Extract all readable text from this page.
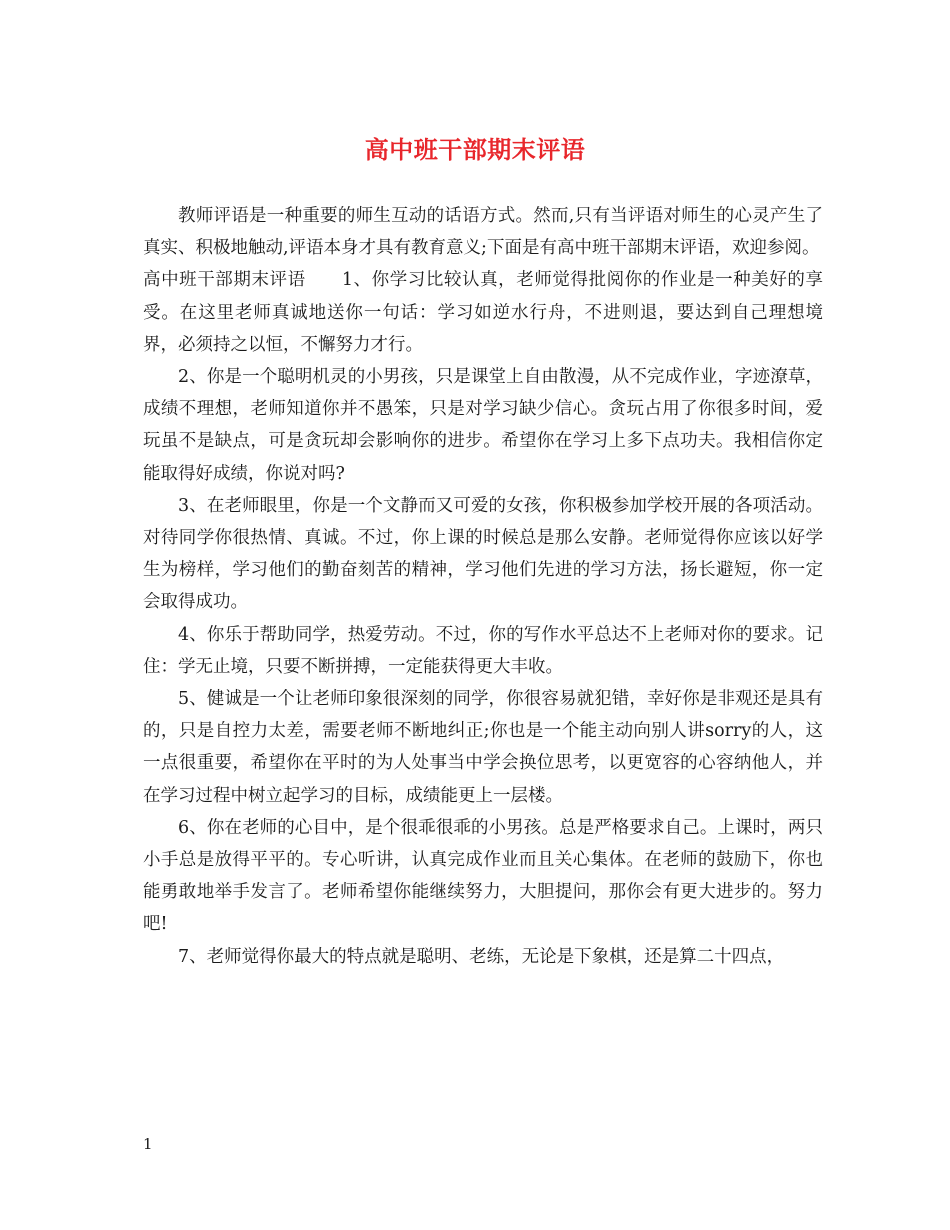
高中班干部期末评语

教师评语是一种重要的师生互动的话语方式。然而,只有当评语对师生的心灵产生了真实、积极地触动,评语本身才具有教育意义;下面是有高中班干部期末评语，欢迎参阅。

高中班干部期末评语　　1、你学习比较认真，老师觉得批阅你的作业是一种美好的享受。在这里老师真诚地送你一句话：学习如逆水行舟，不进则退，要达到自己理想境界，必须持之以恒，不懈努力才行。

2、你是一个聪明机灵的小男孩，只是课堂上自由散漫，从不完成作业，字迹潦草，成绩不理想，老师知道你并不愚笨，只是对学习缺少信心。贪玩占用了你很多时间，爱玩虽不是缺点，可是贪玩却会影响你的进步。希望你在学习上多下点功夫。我相信你定能取得好成绩，你说对吗?

3、在老师眼里，你是一个文静而又可爱的女孩，你积极参加学校开展的各项活动。对待同学你很热情、真诚。不过，你上课的时候总是那么安静。老师觉得你应该以好学生为榜样，学习他们的勤奋刻苦的精神，学习他们先进的学习方法，扬长避短，你一定会取得成功。

4、你乐于帮助同学，热爱劳动。不过，你的写作水平总达不上老师对你的要求。记住：学无止境，只要不断拼搏，一定能获得更大丰收。

5、健诚是一个让老师印象很深刻的同学，你很容易就犯错，幸好你是非观还是具有的，只是自控力太差，需要老师不断地纠正;你也是一个能主动向别人讲sorry的人，这一点很重要，希望你在平时的为人处事当中学会换位思考，以更宽容的心容纳他人，并在学习过程中树立起学习的目标，成绩能更上一层楼。

6、你在老师的心目中，是个很乖很乖的小男孩。总是严格要求自己。上课时，两只小手总是放得平平的。专心听讲，认真完成作业而且关心集体。在老师的鼓励下，你也能勇敢地举手发言了。老师希望你能继续努力，大胆提问，那你会有更大进步的。努力吧!

7、老师觉得你最大的特点就是聪明、老练，无论是下象棋，还是算二十四点，

1
